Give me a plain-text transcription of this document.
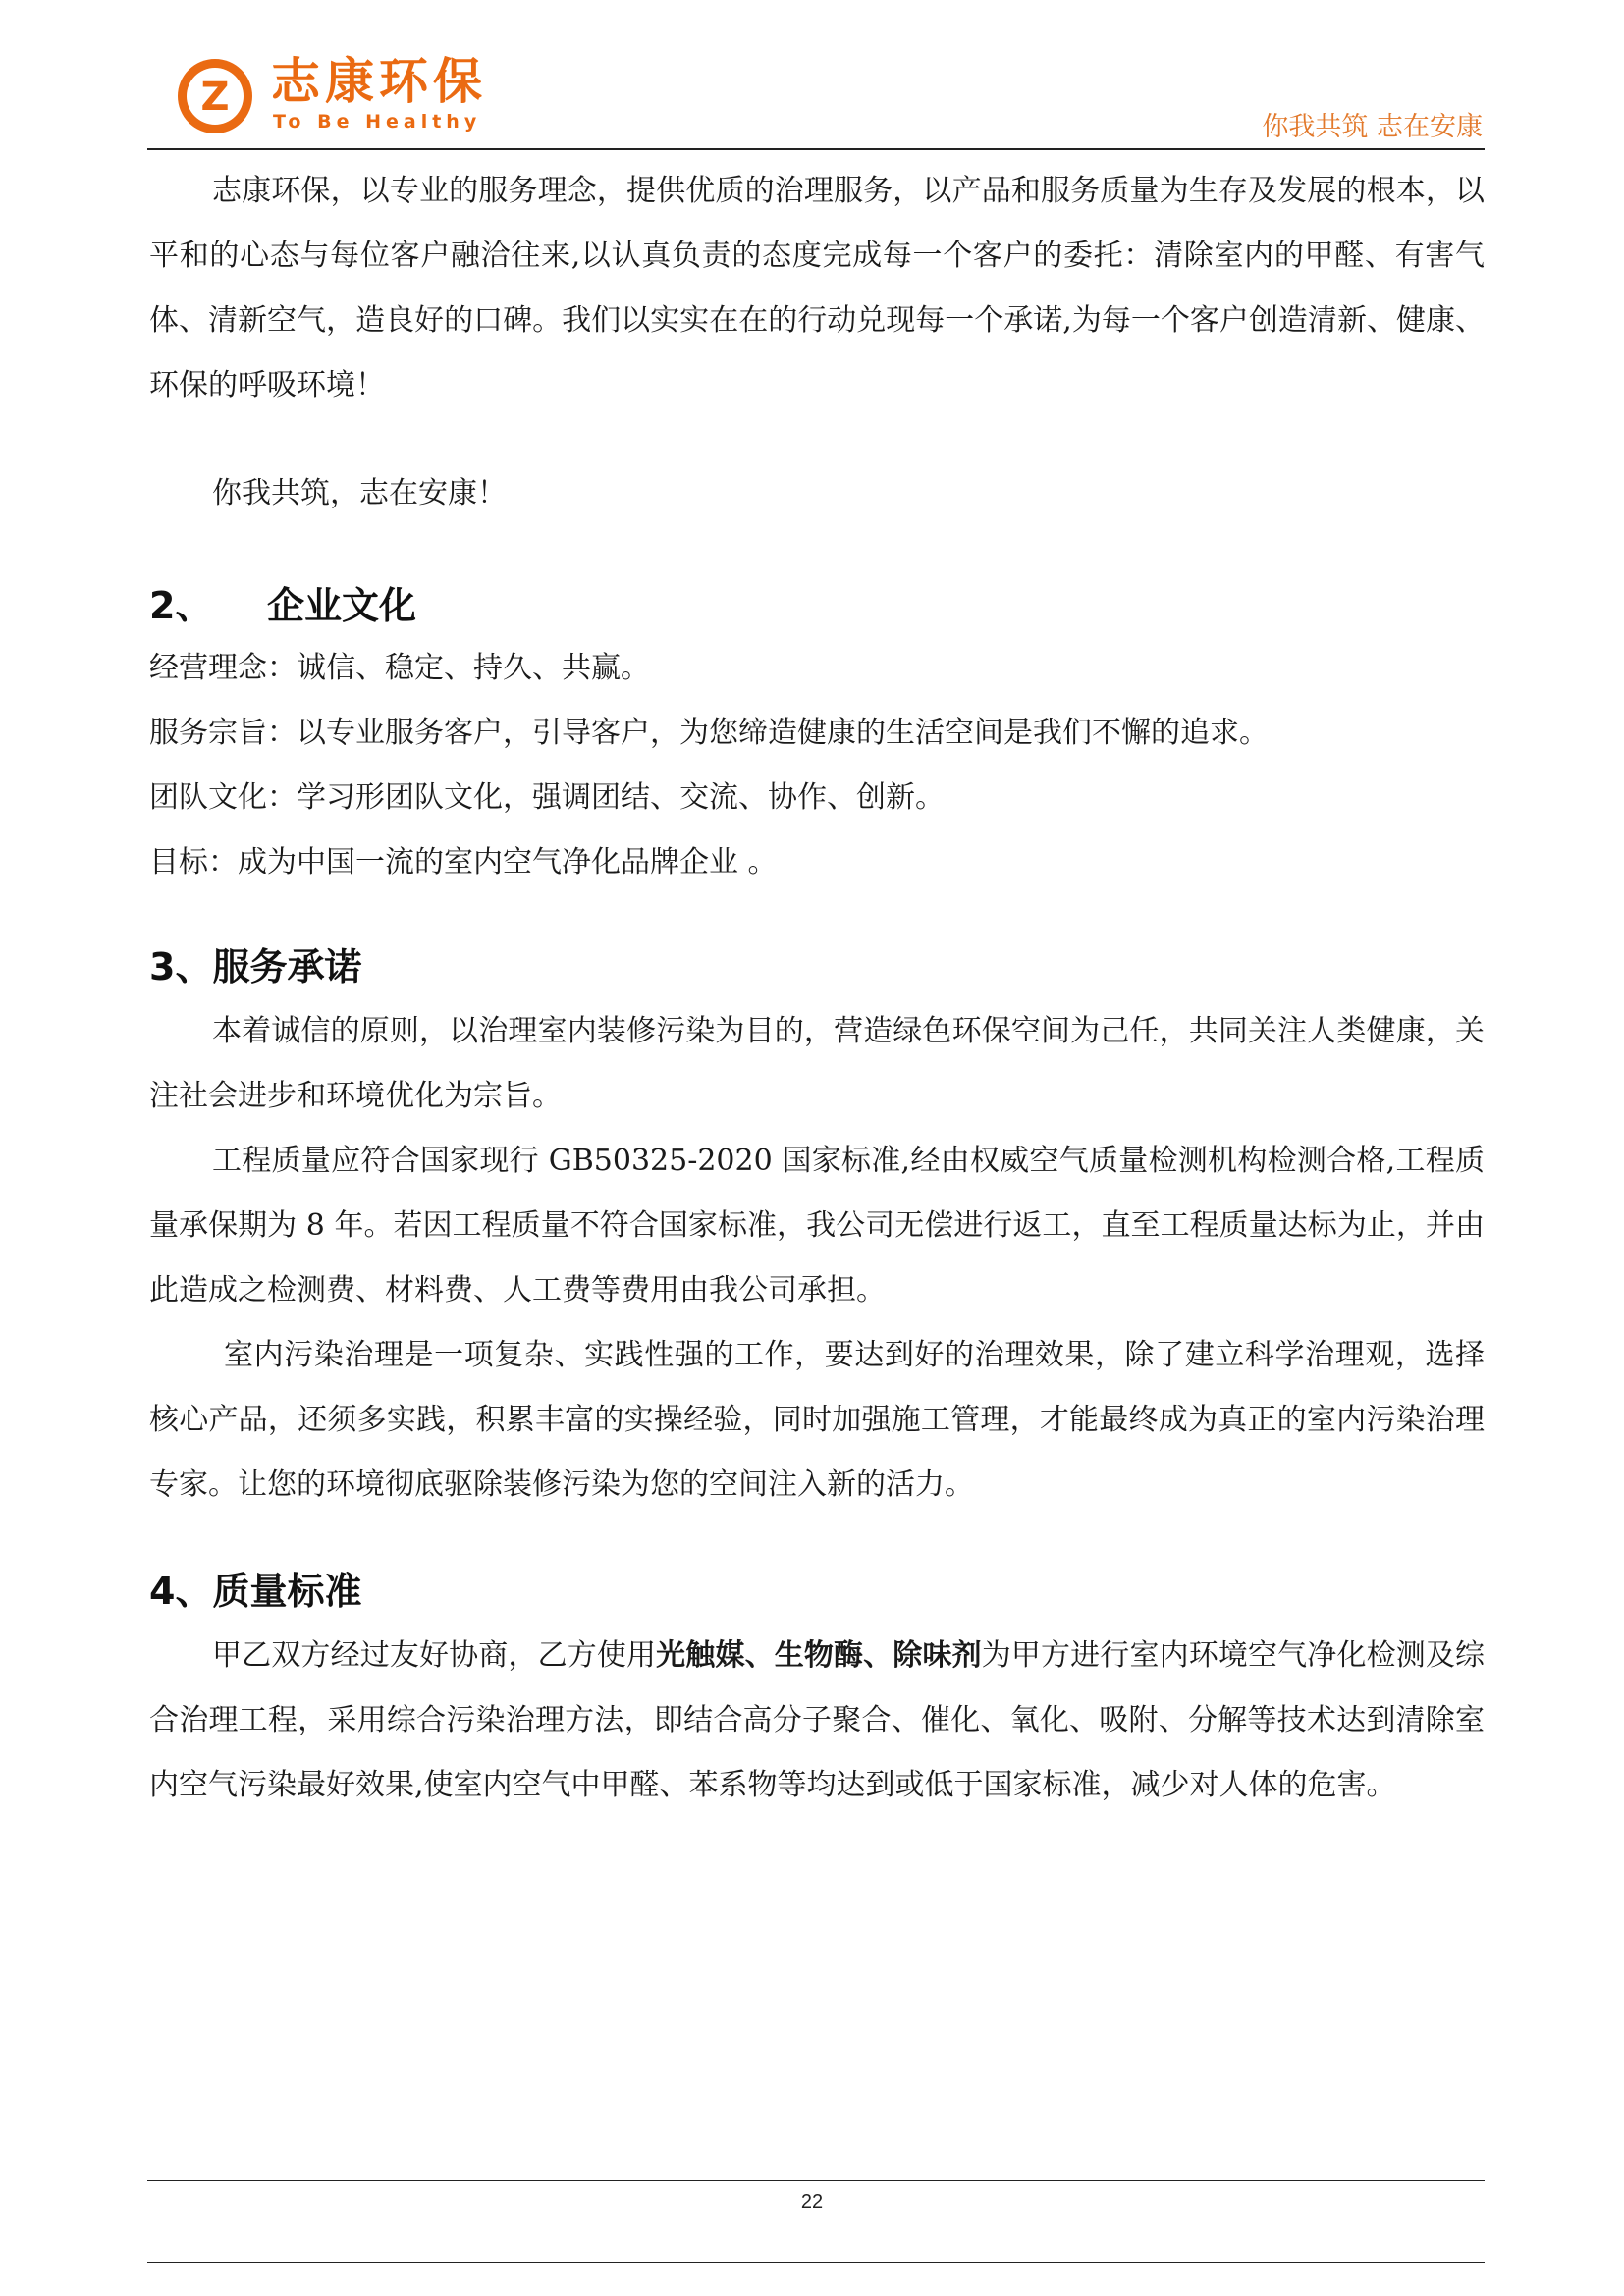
Z 志康环保
To Be Healthy	你我共筑 志在安康

志康环保，以专业的服务理念，提供优质的治理服务，以产品和服务质量为生存及发展的根本，以平和的心态与每位客户融洽往来,以认真负责的态度完成每一个客户的委托：清除室内的甲醛、有害气体、清新空气，造良好的口碑。我们以实实在在的行动兑现每一个承诺,为每一个客户创造清新、健康、环保的呼吸环境！

你我共筑，志在安康！

2、 企业文化

经营理念：诚信、稳定、持久、共赢。

服务宗旨：以专业服务客户，引导客户，为您缔造健康的生活空间是我们不懈的追求。

团队文化：学习形团队文化，强调团结、交流、协作、创新。

目标：成为中国一流的室内空气净化品牌企业 。

3、服务承诺

本着诚信的原则，以治理室内装修污染为目的，营造绿色环保空间为己任，共同关注人类健康，关注社会进步和环境优化为宗旨。

工程质量应符合国家现行 GB50325-2020 国家标准,经由权威空气质量检测机构检测合格,工程质量承保期为 8 年。若因工程质量不符合国家标准，我公司无偿进行返工，直至工程质量达标为止，并由此造成之检测费、材料费、人工费等费用由我公司承担。

室内污染治理是一项复杂、实践性强的工作，要达到好的治理效果，除了建立科学治理观，选择核心产品，还须多实践，积累丰富的实操经验，同时加强施工管理，才能最终成为真正的室内污染治理专家。让您的环境彻底驱除装修污染为您的空间注入新的活力。

4、质量标准

甲乙双方经过友好协商，乙方使用光触媒、生物酶、除味剂为甲方进行室内环境空气净化检测及综合治理工程，采用综合污染治理方法，即结合高分子聚合、催化、氧化、吸附、分解等技术达到清除室内空气污染最好效果,使室内空气中甲醛、苯系物等均达到或低于国家标准，减少对人体的危害。

22
